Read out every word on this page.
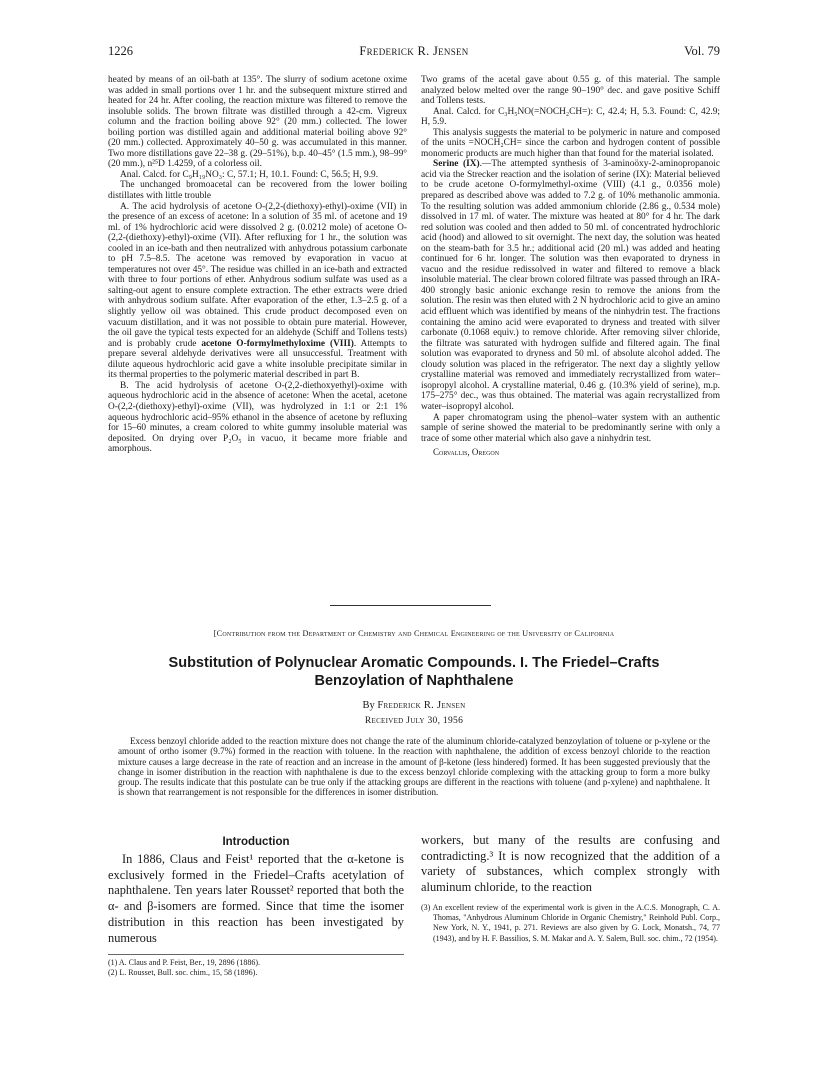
1226	Frederick R. Jensen	Vol. 79

heated by means of an oil-bath at 135°. The slurry of sodium acetone oxime was added in small portions over 1 hr. and the subsequent mixture stirred and heated for 24 hr. After cooling, the reaction mixture was filtered to remove the insoluble solids. The brown filtrate was distilled through a 42-cm. Vigreux column and the fraction boiling above 92° (20 mm.) collected. The lower boiling portion was distilled again and additional material boiling above 92° (20 mm.) collected. Approximately 40–50 g. was accumulated in this manner. Two more distillations gave 22–38 g. (29–51%), b.p. 40–45° (1.5 mm.), 98–99° (20 mm.), n²⁵D 1.4259, of a colorless oil.

Anal. Calcd. for C₉H₁₉NO₃: C, 57.1; H, 10.1. Found: C, 56.5; H, 9.9.

The unchanged bromoacetal can be recovered from the lower boiling distillates with little trouble

A. The acid hydrolysis of acetone O-(2,2-(diethoxy)-ethyl)-oxime (VII) in the presence of an excess of acetone: In a solution of 35 ml. of acetone and 19 ml. of 1% hydrochloric acid were dissolved 2 g. (0.0212 mole) of acetone O-(2,2-(diethoxy)-ethyl)-oxime (VII). After refluxing for 1 hr., the solution was cooled in an ice-bath and then neutralized with anhydrous potassium carbonate to pH 7.5–8.5. The acetone was removed by evaporation in vacuo at temperatures not over 45°. The residue was chilled in an ice-bath and extracted with three to four portions of ether. Anhydrous sodium sulfate was used as a salting-out agent to ensure complete extraction. The ether extracts were dried with anhydrous sodium sulfate. After evaporation of the ether, 1.3–2.5 g. of a slightly yellow oil was obtained. This crude product decomposed even on vacuum distillation, and it was not possible to obtain pure material. However, the oil gave the typical tests expected for an aldehyde (Schiff and Tollens tests) and is probably crude acetone O-formylmethyloxime (VIII). Attempts to prepare several aldehyde derivatives were all unsuccessful. Treatment with dilute aqueous hydrochloric acid gave a white insoluble precipitate similar in its thermal properties to the polymeric material described in part B.

B. The acid hydrolysis of acetone O-(2,2-diethoxyethyl)-oxime with aqueous hydrochloric acid in the absence of acetone: When the acetal, acetone O-(2,2-(diethoxy)-ethyl)-oxime (VII), was hydrolyzed in 1:1 or 2:1 1% aqueous hydrochloric acid–95% ethanol in the absence of acetone by refluxing for 15–60 minutes, a cream colored to white gummy insoluble material was deposited. On drying over P₂O₅ in vacuo, it became more friable and amorphous.

Two grams of the acetal gave about 0.55 g. of this material. The sample analyzed below melted over the range 90–190° dec. and gave positive Schiff and Tollens tests.

Anal. Calcd. for C₃H₅NO(=NOCH₂CH=): C, 42.4; H, 5.3. Found: C, 42.9; H, 5.9.

This analysis suggests the material to be polymeric in nature and composed of the units =NOCH₂CH= since the carbon and hydrogen content of possible monomeric products are much higher than that found for the material isolated.

Serine (IX).—The attempted synthesis of 3-aminoöxy-2-aminopropanoic acid via the Strecker reaction and the isolation of serine (IX): Material believed to be crude acetone O-formylmethyl-oxime (VIII) (4.1 g., 0.0356 mole) prepared as described above was added to 7.2 g. of 10% methanolic ammonia. To the resulting solution was added ammonium chloride (2.86 g., 0.534 mole) dissolved in 17 ml. of water. The mixture was heated at 80° for 4 hr. The dark red solution was cooled and then added to 50 ml. of concentrated hydrochloric acid (hood) and allowed to sit overnight. The next day, the solution was heated on the steam-bath for 3.5 hr.; additional acid (20 ml.) was added and heating continued for 6 hr. longer. The solution was then evaporated to dryness in vacuo and the residue redissolved in water and filtered to remove a black insoluble material. The clear brown colored filtrate was passed through an IRA-400 strongly basic anionic exchange resin to remove the anions from the solution. The resin was then eluted with 2 N hydrochloric acid to give an amino acid effluent which was identified by means of the ninhydrin test. The fractions containing the amino acid were evaporated to dryness and treated with silver carbonate (0.1068 equiv.) to remove chloride. After removing silver chloride, the filtrate was saturated with hydrogen sulfide and filtered again. The final solution was evaporated to dryness and 50 ml. of absolute alcohol added. The cloudy solution was placed in the refrigerator. The next day a slightly yellow crystalline material was removed and immediately recrystallized from water–isopropyl alcohol. A crystalline material, 0.46 g. (10.3% yield of serine), m.p. 175–275° dec., was thus obtained. The material was again recrystallized from water–isopropyl alcohol.

A paper chromatogram using the phenol–water system with an authentic sample of serine showed the material to be predominantly serine with only a trace of some other material which also gave a ninhydrin test.

Corvallis, Oregon

[Contribution from the Department of Chemistry and Chemical Engineering of the University of California
Substitution of Polynuclear Aromatic Compounds. I. The Friedel–Crafts
Benzoylation of Naphthalene
By Frederick R. Jensen
Received July 30, 1956
Excess benzoyl chloride added to the reaction mixture does not change the rate of the aluminum chloride-catalyzed benzoylation of toluene or p-xylene or the amount of ortho isomer (9.7%) formed in the reaction with toluene. In the reaction with naphthalene, the addition of excess benzoyl chloride to the reaction mixture causes a large decrease in the rate of reaction and an increase in the amount of β-ketone (less hindered) formed. It has been suggested previously that the change in isomer distribution in the reaction with naphthalene is due to the excess benzoyl chloride complexing with the attacking group to form a more bulky group. The results indicate that this postulate can be true only if the attacking groups are different in the reactions with toluene (and p-xylene) and naphthalene. It is shown that rearrangement is not responsible for the differences in isomer distribution.
Introduction

In 1886, Claus and Feist¹ reported that the α-ketone is exclusively formed in the Friedel–Crafts acetylation of naphthalene. Ten years later Rousset² reported that both the α- and β-isomers are formed. Since that time the isomer distribution in this reaction has been investigated by numerous

(1) A. Claus and P. Feist, Ber., 19, 2896 (1886).

(2) L. Rousset, Bull. soc. chim., 15, 58 (1896).

workers, but many of the results are confusing and contradicting.³ It is now recognized that the addition of a variety of substances, which complex strongly with aluminum chloride, to the reaction

(3) An excellent review of the experimental work is given in the A.C.S. Monograph, C. A. Thomas, "Anhydrous Aluminum Chloride in Organic Chemistry," Reinhold Publ. Corp., New York, N. Y., 1941, p. 271. Reviews are also given by G. Lock, Monatsh., 74, 77 (1943), and by H. F. Bassilios, S. M. Makar and A. Y. Salem, Bull. soc. chim., 72 (1954).
